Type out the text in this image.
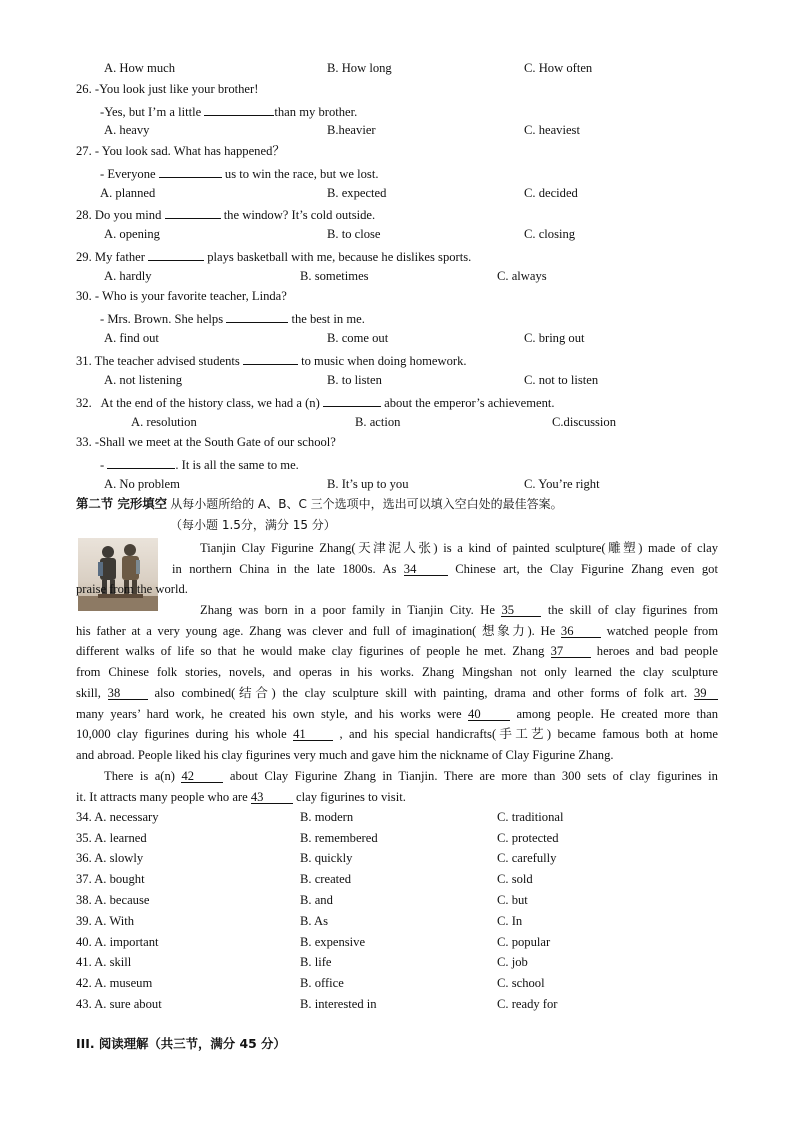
A. How much	B. How long	C. How often
26. -You look just like your brother!
-Yes, but I’m a little	than my brother.
A. heavy	B.heavier	C. heaviest
27. - You look sad. What has happened？
- Everyone	us to win the race, but we lost.
A. planned	B. expected	C. decided
28. Do you mind	the window? It’s cold outside.
A. opening	B. to close	C. closing
29. My father	plays basketball with me, because he dislikes sports.
A. hardly	B. sometimes	C. always
30. - Who is your favorite teacher, Linda?
- Mrs. Brown. She helps	the best in me.
A. find out	B. come out	C. bring out
31. The teacher advised students	to music when doing homework.
A. not listening	B. to listen	C. not to listen
32. At the end of the history class, we had a (n)	about the emperor’s achievement.
A. resolution	B. action	C.discussion
33. -Shall we meet at the South Gate of our school?
-	. It is all the same to me.
A. No problem	B. It’s up to you	C. You’re right
第二节 完形填空 从每小题所给的 A、B、C 三个选项中，选出可以填入空白处的最佳答案。
（每小题 1.5分，满分 15 分）
Tianjin Clay Figurine Zhang(天津泥人张) is a kind of painted sculpture(雕塑) made of clay
in northern China in the late 1800s. As 34	Chinese art, the Clay Figurine Zhang even got
praise from the world.
Zhang was born in a poor family in Tianjin City. He 35	the skill of clay figurines from
his father at a very young age. Zhang was clever and full of imagination( 想象力). He 36	watched people from
different walks of life so that he would make clay figurines of people he met. Zhang 37	heroes and bad people
from Chinese folk stories, novels, and operas in his works. Zhang Mingshan not only learned the clay sculpture
skill, 38	also combined(结合) the clay sculpture skill with painting, drama and other forms of folk art. 39
many years’ hard work, he created his own style, and his works were 40	among people. He created more than
10,000 clay figurines during his whole 41	, and his special handicrafts(手工艺) became famous both at home
and abroad. People liked his clay figurines very much and gave him the nickname of Clay Figurine Zhang.
There is a(n) 42	about Clay Figurine Zhang in Tianjin. There are more than 300 sets of clay figurines in
it. It attracts many people who are 43	clay figurines to visit.
34. A. necessary	B. modern	C. traditional
35. A. learned	B. remembered	C. protected
36. A. slowly	B. quickly	C. carefully
37. A. bought	B. created	C. sold
38. A. because	B. and	C. but
39. A. With	B. As	C. In
40. A. important	B. expensive	C. popular
41. A. skill	B. life	C. job
42. A. museum	B. office	C. school
43. A. sure about	B. interested in	C. ready for
III. 阅读理解（共三节，满分 45 分）
